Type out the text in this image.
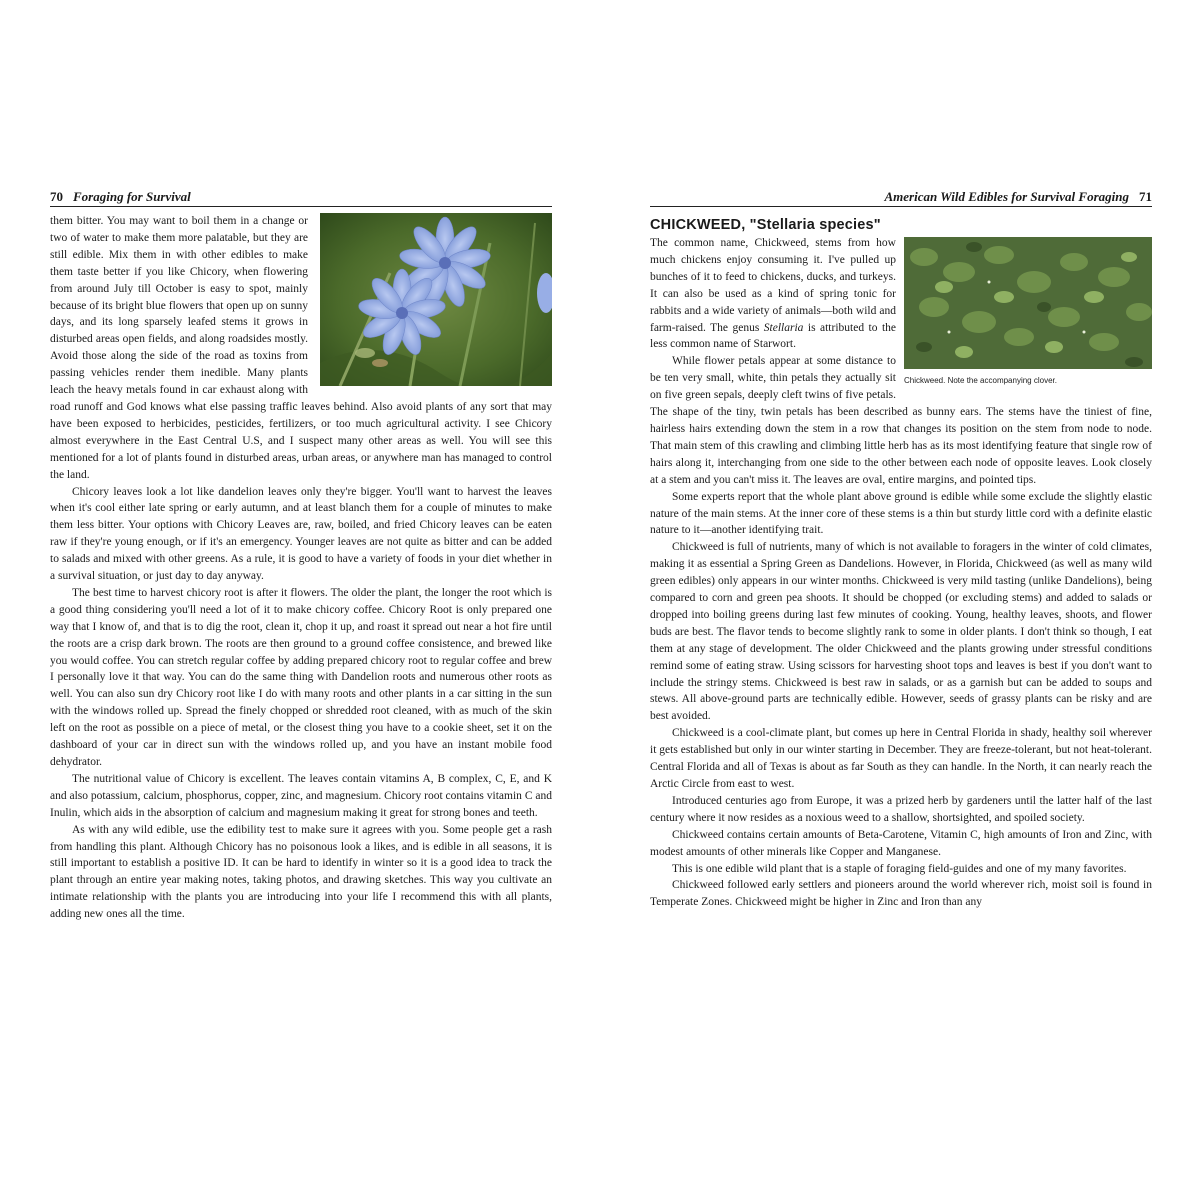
70 Foraging for Survival

them bitter. You may want to boil them in a change or two of water to make them more palatable, but they are still edible. Mix them in with other edibles to make them taste better if you like Chicory, when flowering from around July till October is easy to spot, mainly because of its bright blue flowers that open up on sunny days, and its long sparsely leafed stems it grows in disturbed areas open fields, and along roadsides mostly. Avoid those along the side of the road as toxins from passing vehicles render them inedible. Many plants leach the heavy metals found in car exhaust along with road runoff and God knows what else passing traffic leaves behind. Also avoid plants of any sort that may have been exposed to herbicides, pesticides, fertilizers, or too much agricultural activity. I see Chicory almost everywhere in the East Central U.S, and I suspect many other areas as well. You will see this mentioned for a lot of plants found in disturbed areas, urban areas, or anywhere man has managed to control the land.

Chicory leaves look a lot like dandelion leaves only they're bigger. You'll want to harvest the leaves when it's cool either late spring or early autumn, and at least blanch them for a couple of minutes to make them less bitter. Your options with Chicory Leaves are, raw, boiled, and fried Chicory leaves can be eaten raw if they're young enough, or if it's an emergency. Younger leaves are not quite as bitter and can be added to salads and mixed with other greens. As a rule, it is good to have a variety of foods in your diet whether in a survival situation, or just day to day anyway.

The best time to harvest chicory root is after it flowers. The older the plant, the longer the root which is a good thing considering you'll need a lot of it to make chicory coffee. Chicory Root is only prepared one way that I know of, and that is to dig the root, clean it, chop it up, and roast it spread out near a hot fire until the roots are a crisp dark brown. The roots are then ground to a ground coffee consistence, and brewed like you would coffee. You can stretch regular coffee by adding prepared chicory root to regular coffee and brew I personally love it that way. You can do the same thing with Dandelion roots and numerous other roots as well. You can also sun dry Chicory root like I do with many roots and other plants in a car sitting in the sun with the windows rolled up. Spread the finely chopped or shredded root cleaned, with as much of the skin left on the root as possible on a piece of metal, or the closest thing you have to a cookie sheet, set it on the dashboard of your car in direct sun with the windows rolled up, and you have an instant mobile food dehydrator.

The nutritional value of Chicory is excellent. The leaves contain vitamins A, B complex, C, E, and K and also potassium, calcium, phosphorus, copper, zinc, and magnesium. Chicory root contains vitamin C and Inulin, which aids in the absorption of calcium and magnesium making it great for strong bones and teeth.

As with any wild edible, use the edibility test to make sure it agrees with you. Some people get a rash from handling this plant. Although Chicory has no poisonous look a likes, and is edible in all seasons, it is still important to establish a positive ID. It can be hard to identify in winter so it is a good idea to track the plant through an entire year making notes, taking photos, and drawing sketches. This way you cultivate an intimate relationship with the plants you are introducing into your life I recommend this with all plants, adding new ones all the time.

American Wild Edibles for Survival Foraging 71
CHICKWEED, "Stellaria species"
Chickweed. Note the accompanying clover.

The common name, Chickweed, stems from how much chickens enjoy consuming it. I've pulled up bunches of it to feed to chickens, ducks, and turkeys. It can also be used as a kind of spring tonic for rabbits and a wide variety of animals—both wild and farm-raised. The genus Stellaria is attributed to the less common name of Starwort.

While flower petals appear at some distance to be ten very small, white, thin petals they actually sit on five green sepals, deeply cleft twins of five petals. The shape of the tiny, twin petals has been described as bunny ears. The stems have the tiniest of fine, hairless hairs extending down the stem in a row that changes its position on the stem from node to node. That main stem of this crawling and climbing little herb has as its most identifying feature that single row of hairs along it, interchanging from one side to the other between each node of opposite leaves. Look closely at a stem and you can't miss it. The leaves are oval, entire margins, and pointed tips.

Some experts report that the whole plant above ground is edible while some exclude the slightly elastic nature of the main stems. At the inner core of these stems is a thin but sturdy little cord with a definite elastic nature to it—another identifying trait.

Chickweed is full of nutrients, many of which is not available to foragers in the winter of cold climates, making it as essential a Spring Green as Dandelions. However, in Florida, Chickweed (as well as many wild green edibles) only appears in our winter months. Chickweed is very mild tasting (unlike Dandelions), being compared to corn and green pea shoots. It should be chopped (or excluding stems) and added to salads or dropped into boiling greens during last few minutes of cooking. Young, healthy leaves, shoots, and flower buds are best. The flavor tends to become slightly rank to some in older plants. I don't think so though, I eat them at any stage of development. The older Chickweed and the plants growing under stressful conditions remind some of eating straw. Using scissors for harvesting shoot tops and leaves is best if you don't want to include the stringy stems. Chickweed is best raw in salads, or as a garnish but can be added to soups and stews. All above-ground parts are technically edible. However, seeds of grassy plants can be risky and are best avoided.

Chickweed is a cool-climate plant, but comes up here in Central Florida in shady, healthy soil wherever it gets established but only in our winter starting in December. They are freeze-tolerant, but not heat-tolerant. Central Florida and all of Texas is about as far South as they can handle. In the North, it can nearly reach the Arctic Circle from east to west.

Introduced centuries ago from Europe, it was a prized herb by gardeners until the latter half of the last century where it now resides as a noxious weed to a shallow, shortsighted, and spoiled society.

Chickweed contains certain amounts of Beta-Carotene, Vitamin C, high amounts of Iron and Zinc, with modest amounts of other minerals like Copper and Manganese.

This is one edible wild plant that is a staple of foraging field-guides and one of my many favorites.

Chickweed followed early settlers and pioneers around the world wherever rich, moist soil is found in Temperate Zones. Chickweed might be higher in Zinc and Iron than any
